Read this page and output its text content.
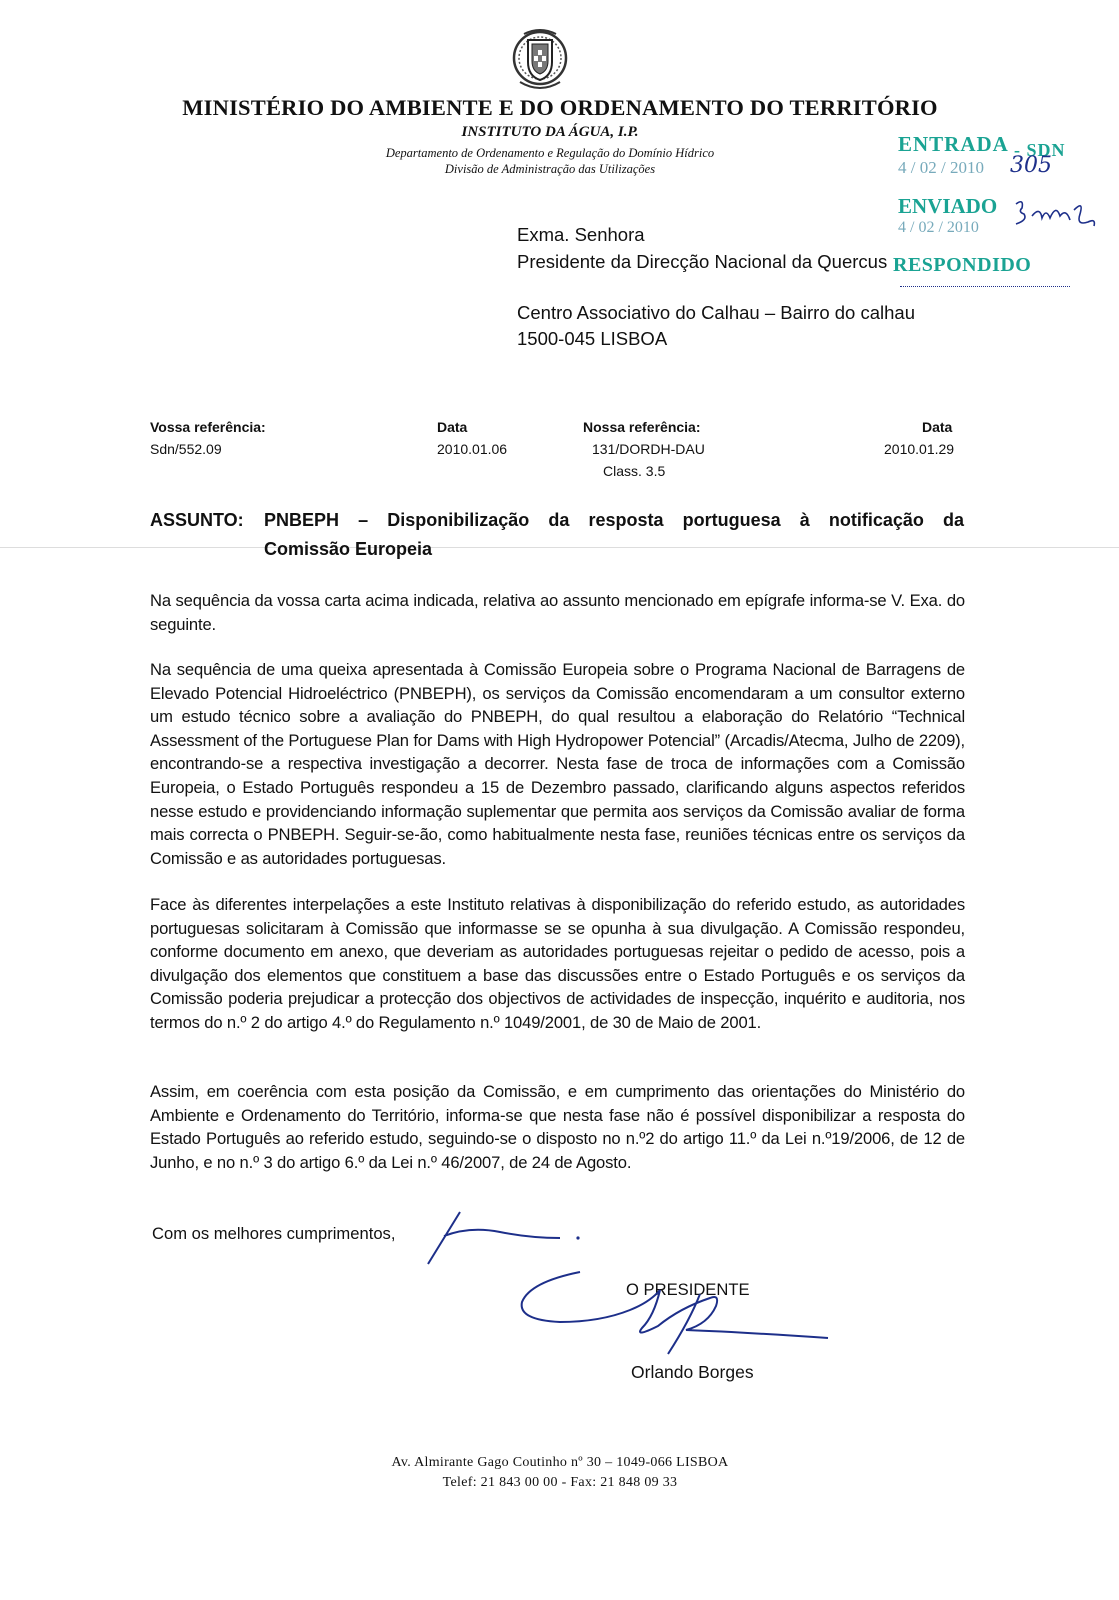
MINISTÉRIO DO AMBIENTE E DO ORDENAMENTO DO TERRITÓRIO
INSTITUTO DA ÁGUA, I.P.
Departamento de Ordenamento e Regulação do Domínio Hídrico
Divisão de Administração das Utilizações
ENTRADA - SDN
4 / 02 / 2010 305
ENVIADO
4 / 02 / 2010
RESPONDIDO
Exma. Senhora
Presidente da Direcção Nacional da Quercus
Centro Associativo do Calhau – Bairro do calhau
1500-045 LISBOA
Vossa referência:
Sdn/552.09
Data
2010.01.06
Nossa referência:
131/DORDH-DAU
Class. 3.5
Data
2010.01.29
ASSUNTO: PNBEPH – Disponibilização da resposta portuguesa à notificação da
Comissão Europeia
Na sequência da vossa carta acima indicada, relativa ao assunto mencionado em epígrafe informa-se V. Exa. do seguinte.
Na sequência de uma queixa apresentada à Comissão Europeia sobre o Programa Nacional de Barragens de Elevado Potencial Hidroeléctrico (PNBEPH), os serviços da Comissão encomendaram a um consultor externo um estudo técnico sobre a avaliação do PNBEPH, do qual resultou a elaboração do Relatório “Technical Assessment of the Portuguese Plan for Dams with High Hydropower Potencial” (Arcadis/Atecma, Julho de 2209), encontrando-se a respectiva investigação a decorrer. Nesta fase de troca de informações com a Comissão Europeia, o Estado Português respondeu a 15 de Dezembro passado, clarificando alguns aspectos referidos nesse estudo e providenciando informação suplementar que permita aos serviços da Comissão avaliar de forma mais correcta o PNBEPH. Seguir-se-ão, como habitualmente nesta fase, reuniões técnicas entre os serviços da Comissão e as autoridades portuguesas.
Face às diferentes interpelações a este Instituto relativas à disponibilização do referido estudo, as autoridades portuguesas solicitaram à Comissão que informasse se se opunha à sua divulgação. A Comissão respondeu, conforme documento em anexo, que deveriam as autoridades portuguesas rejeitar o pedido de acesso, pois a divulgação dos elementos que constituem a base das discussões entre o Estado Português e os serviços da Comissão poderia prejudicar a protecção dos objectivos de actividades de inspecção, inquérito e auditoria, nos termos do n.º 2 do artigo 4.º do Regulamento n.º 1049/2001, de 30 de Maio de 2001.
Assim, em coerência com esta posição da Comissão, e em cumprimento das orientações do Ministério do Ambiente e Ordenamento do Território, informa-se que nesta fase não é possível disponibilizar a resposta do Estado Português ao referido estudo, seguindo-se o disposto no n.º2 do artigo 11.º da Lei n.º19/2006, de 12 de Junho, e no n.º 3 do artigo 6.º da Lei n.º 46/2007, de 24 de Agosto.
Com os melhores cumprimentos,
O PRESIDENTE
Orlando Borges
Av. Almirante Gago Coutinho nº 30 – 1049-066 LISBOA
Telef: 21 843 00 00 - Fax: 21 848 09 33
